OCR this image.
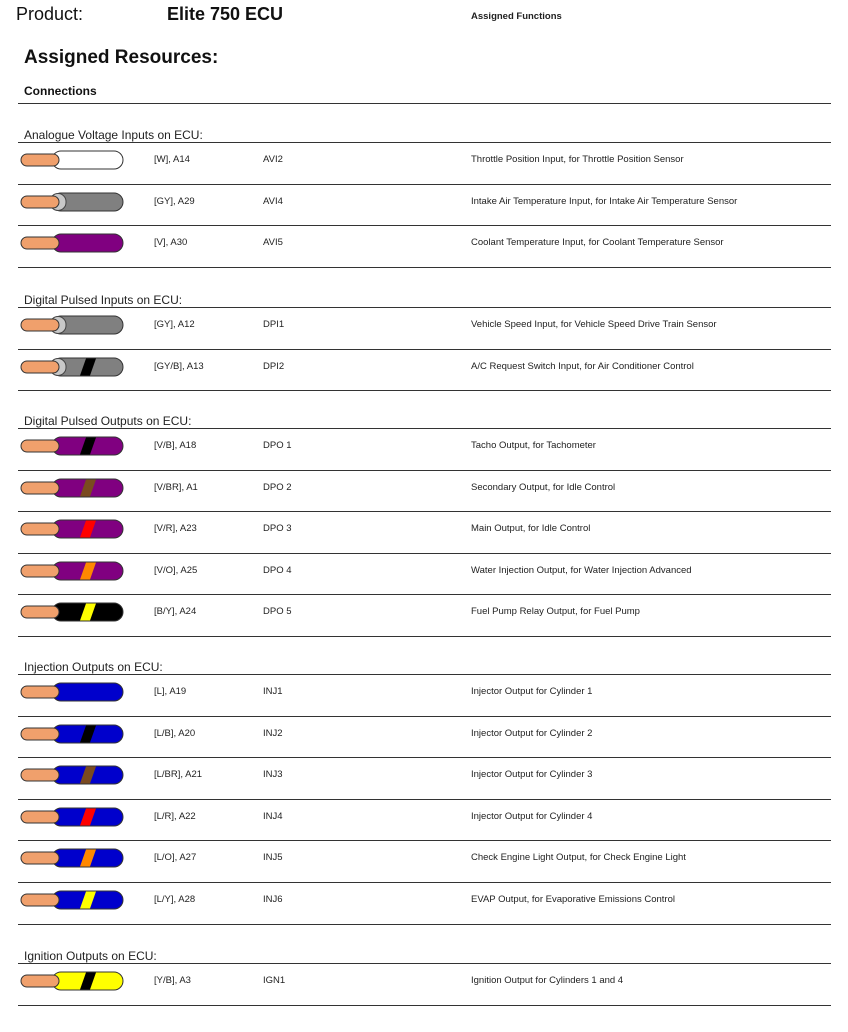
Product:	Elite 750 ECU
Assigned Resources:
Connections
Assigned Functions
Analogue Voltage Inputs on ECU:
[W], A14	AVI2	Throttle Position Input, for Throttle Position Sensor
[GY], A29	AVI4	Intake Air Temperature Input, for Intake Air Temperature Sensor
[V], A30	AVI5	Coolant Temperature Input, for Coolant Temperature Sensor
Digital Pulsed Inputs on ECU:
[GY], A12	DPI1	Vehicle Speed Input, for Vehicle Speed Drive Train Sensor
[GY/B], A13	DPI2	A/C Request Switch Input, for Air Conditioner Control
Digital Pulsed Outputs on ECU:
[V/B], A18	DPO 1	Tacho Output, for Tachometer
[V/BR], A1	DPO 2	Secondary Output, for Idle Control
[V/R], A23	DPO 3	Main Output, for Idle Control
[V/O], A25	DPO 4	Water Injection Output, for Water Injection Advanced
[B/Y], A24	DPO 5	Fuel Pump Relay Output, for Fuel Pump
Injection Outputs on ECU:
[L], A19	INJ1	Injector Output for Cylinder 1
[L/B], A20	INJ2	Injector Output for Cylinder 2
[L/BR], A21	INJ3	Injector Output for Cylinder 3
[L/R], A22	INJ4	Injector Output for Cylinder 4
[L/O], A27	INJ5	Check Engine Light Output, for Check Engine Light
[L/Y], A28	INJ6	EVAP Output, for Evaporative Emissions Control
Ignition Outputs on ECU:
[Y/B], A3	IGN1	Ignition Output for Cylinders 1 and 4
